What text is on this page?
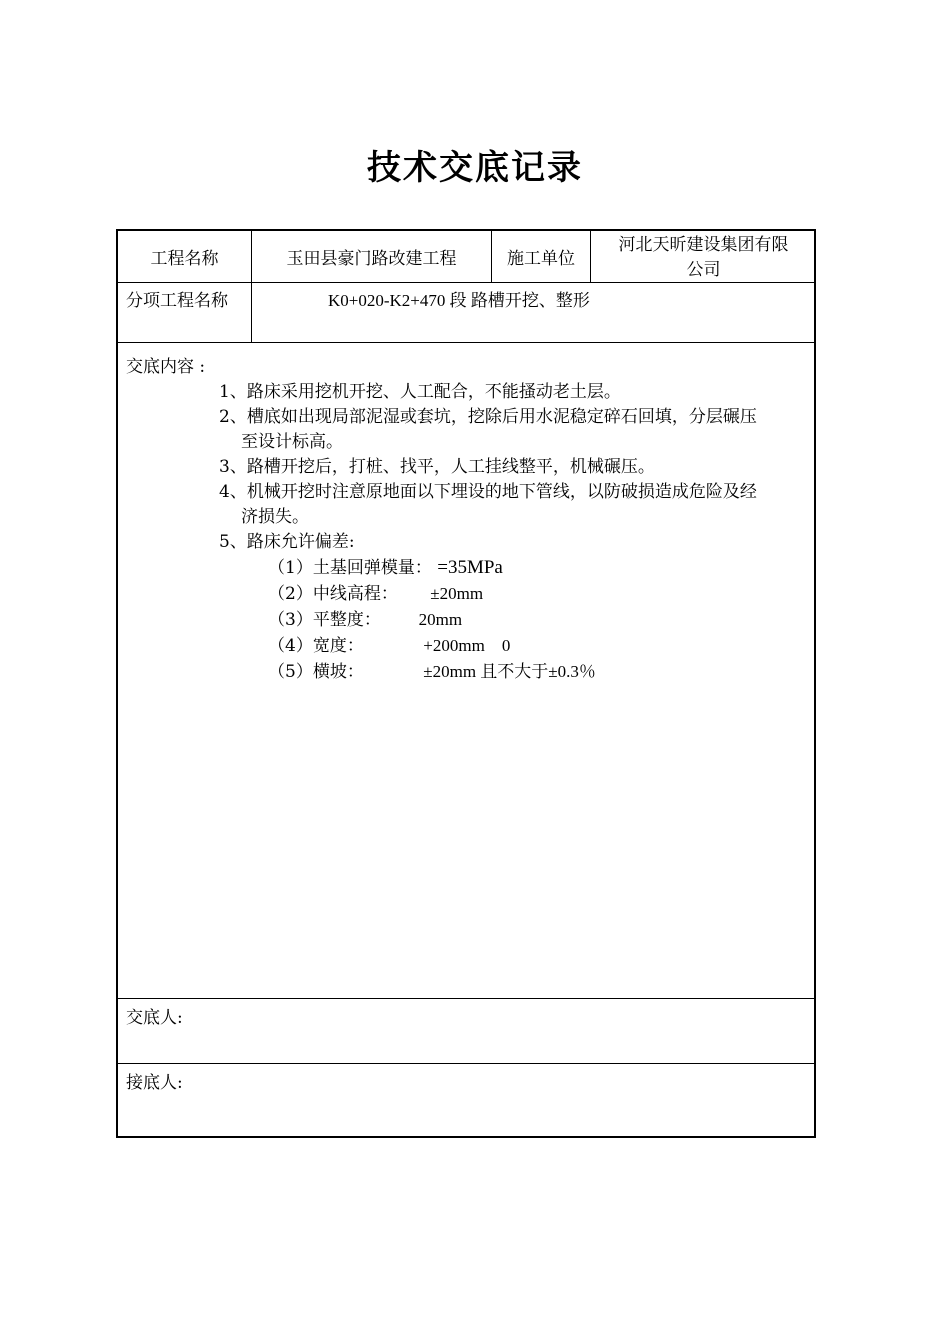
技术交底记录
工程名称	玉田县豪门路改建工程	施工单位
河北天昕建设集团有限
公司
分项工程名称	K0+020-K2+470 段 路槽开挖、整形
交底内容 :
1、路床采用挖机开挖、人工配合，不能搔动老土层。
2、槽底如出现局部泥湿或套坑，挖除后用水泥稳定碎石回填，分层碾压
至设计标高。
3、路槽开挖后，打桩、找平，人工挂线整平，机械碾压。
4、机械开挖时注意原地面以下埋设的地下管线，以防破损造成危险及经
济损失。
5、路床允许偏差:
（1）土基回弹模量： =35MPa
（2）中线高程： ±20mm
（3）平整度： 20mm
（4）宽度：	+200mm    0
（5）横坡：	±20mm 且不大于±0.3％
交底人:
接底人:
